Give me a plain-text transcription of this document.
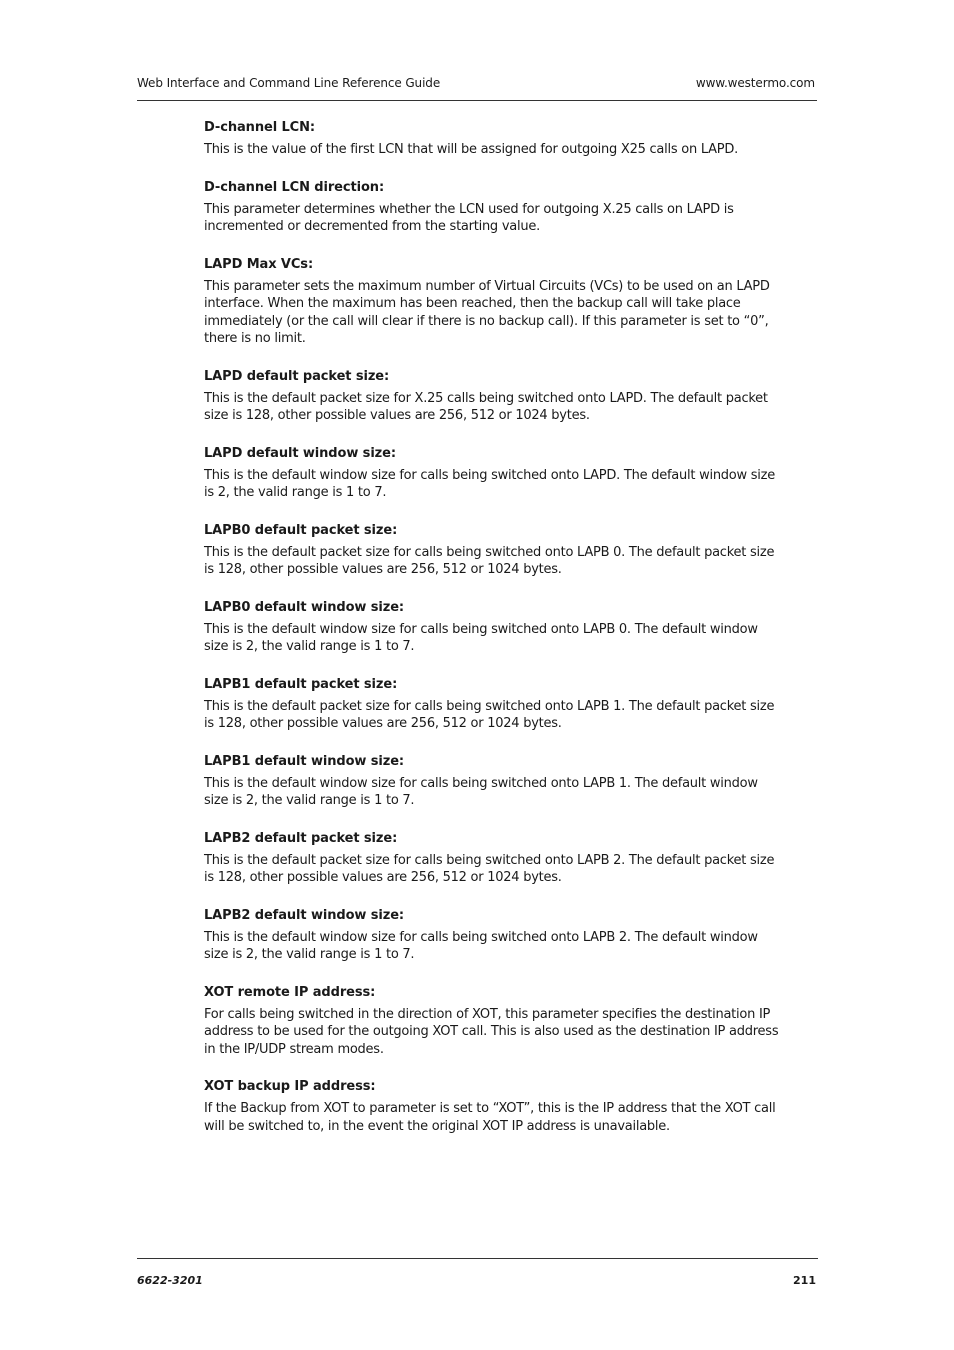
Web Interface and Command Line Reference Guide	www.westermo.com
D-channel LCN:

This is the value of the first LCN that will be assigned for outgoing X25 calls on LAPD.

D-channel LCN direction:

This parameter determines whether the LCN used for outgoing X.25 calls on LAPD is incremented or decremented from the starting value.

LAPD Max VCs:

This parameter sets the maximum number of Virtual Circuits (VCs) to be used on an LAPD interface. When the maximum has been reached, then the backup call will take place immediately (or the call will clear if there is no backup call). If this parameter is set to “0”, there is no limit.

LAPD default packet size:

This is the default packet size for X.25 calls being switched onto LAPD. The default packet size is 128, other possible values are 256, 512 or 1024 bytes.

LAPD default window size:

This is the default window size for calls being switched onto LAPD. The default window size is 2, the valid range is 1 to 7.

LAPB0 default packet size:

This is the default packet size for calls being switched onto LAPB 0. The default packet size is 128, other possible values are 256, 512 or 1024 bytes.

LAPB0 default window size:

This is the default window size for calls being switched onto LAPB 0. The default window size is 2, the valid range is 1 to 7.

LAPB1 default packet size:

This is the default packet size for calls being switched onto LAPB 1. The default packet size is 128, other possible values are 256, 512 or 1024 bytes.

LAPB1 default window size:

This is the default window size for calls being switched onto LAPB 1. The default window size is 2, the valid range is 1 to 7.

LAPB2 default packet size:

This is the default packet size for calls being switched onto LAPB 2. The default packet size is 128, other possible values are 256, 512 or 1024 bytes.

LAPB2 default window size:

This is the default window size for calls being switched onto LAPB 2. The default window size is 2, the valid range is 1 to 7.

XOT remote IP address:

For calls being switched in the direction of XOT, this parameter specifies the destination IP address to be used for the outgoing XOT call. This is also used as the destination IP address in the IP/UDP stream modes.

XOT backup IP address:

If the Backup from XOT to parameter is set to “XOT”, this is the IP address that the XOT call will be switched to, in the event the original XOT IP address is unavailable.

6622-3201	211
